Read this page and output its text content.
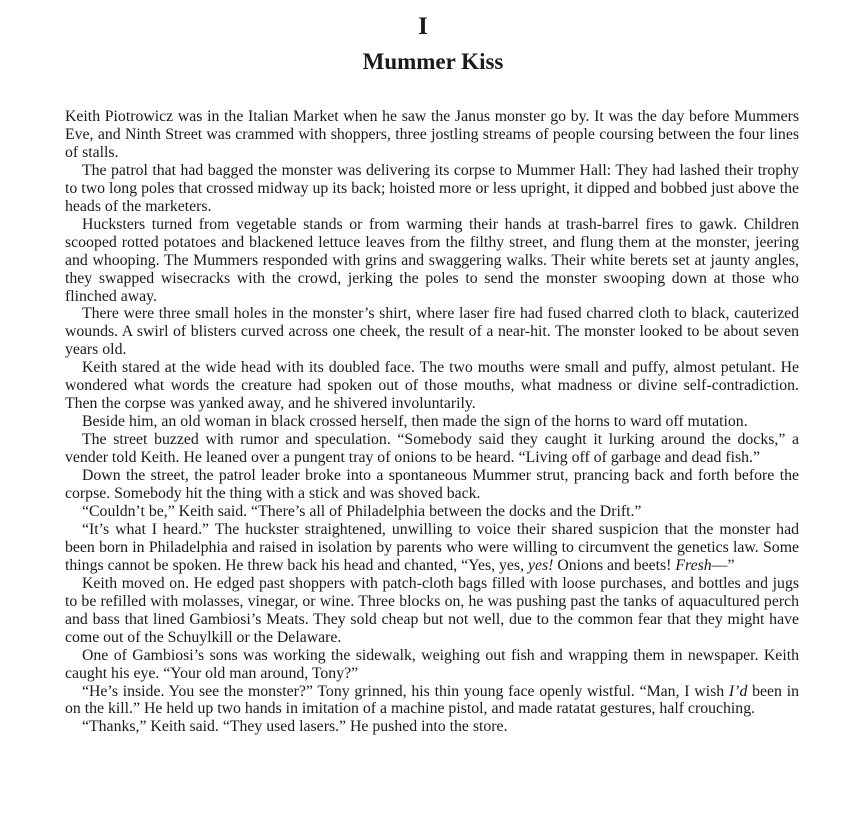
I
Mummer Kiss

Keith Piotrowicz was in the Italian Market when he saw the Janus monster go by. It was the day before Mummers Eve, and Ninth Street was crammed with shoppers, three jostling streams of people coursing between the four lines of stalls.

The patrol that had bagged the monster was delivering its corpse to Mummer Hall: They had lashed their trophy to two long poles that crossed midway up its back; hoisted more or less upright, it dipped and bobbed just above the heads of the marketers.

Hucksters turned from vegetable stands or from warming their hands at trash-barrel fires to gawk. Children scooped rotted potatoes and blackened lettuce leaves from the filthy street, and flung them at the monster, jeering and whooping. The Mummers responded with grins and swaggering walks. Their white berets set at jaunty angles, they swapped wisecracks with the crowd, jerking the poles to send the monster swooping down at those who flinched away.

There were three small holes in the monster’s shirt, where laser fire had fused charred cloth to black, cauterized wounds. A swirl of blisters curved across one cheek, the result of a near-hit. The monster looked to be about seven years old.

Keith stared at the wide head with its doubled face. The two mouths were small and puffy, almost petulant. He wondered what words the creature had spoken out of those mouths, what madness or divine self-contradiction. Then the corpse was yanked away, and he shivered involuntarily.

Beside him, an old woman in black crossed herself, then made the sign of the horns to ward off mutation.

The street buzzed with rumor and speculation. “Somebody said they caught it lurking around the docks,” a vender told Keith. He leaned over a pungent tray of onions to be heard. “Living off of garbage and dead fish.”

Down the street, the patrol leader broke into a spontaneous Mummer strut, prancing back and forth before the corpse. Somebody hit the thing with a stick and was shoved back.

“Couldn’t be,” Keith said. “There’s all of Philadelphia between the docks and the Drift.”

“It’s what I heard.” The huckster straightened, unwilling to voice their shared suspicion that the monster had been born in Philadelphia and raised in isolation by parents who were willing to circumvent the genetics law. Some things cannot be spoken. He threw back his head and chanted, “Yes, yes, yes! Onions and beets! Fresh—”

Keith moved on. He edged past shoppers with patch-cloth bags filled with loose purchases, and bottles and jugs to be refilled with molasses, vinegar, or wine. Three blocks on, he was pushing past the tanks of aquacultured perch and bass that lined Gambiosi’s Meats. They sold cheap but not well, due to the common fear that they might have come out of the Schuylkill or the Delaware.

One of Gambiosi’s sons was working the sidewalk, weighing out fish and wrapping them in newspaper. Keith caught his eye. “Your old man around, Tony?”

“He’s inside. You see the monster?” Tony grinned, his thin young face openly wistful. “Man, I wish I’d been in on the kill.” He held up two hands in imitation of a machine pistol, and made ratatat gestures, half crouching.

“Thanks,” Keith said. “They used lasers.” He pushed into the store.
